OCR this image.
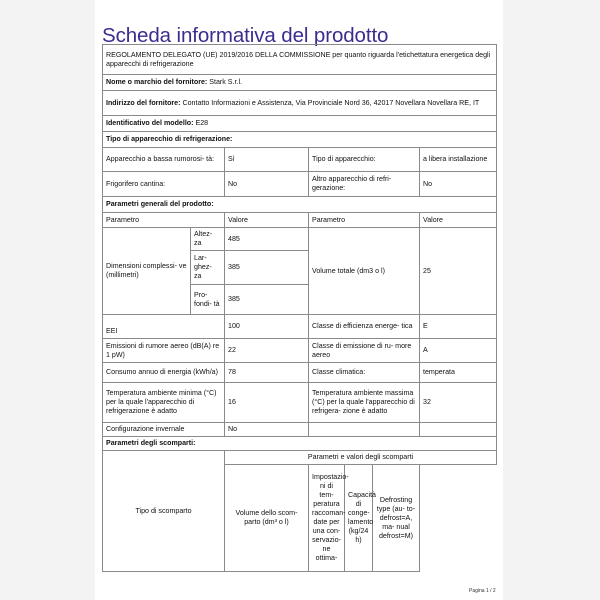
Scheda informativa del prodotto
REGOLAMENTO DELEGATO (UE) 2019/2016 DELLA COMMISSIONE per quanto riguarda l'etichettatura energetica degli apparecchi di refrigerazione						
Nome o marchio del fornitore: Stark S.r.l.						
Indirizzo del fornitore: Contatto Informazioni e Assistenza, Via Provinciale Nord 36, 42017 Novellara Novellara RE, IT						
Identificativo del modello: E28						
Tipo di apparecchio di refrigerazione:						
Apparecchio a bassa rumorosi- tà:		Sì	Tipo di apparecchio:			a libera installazione
Frigorifero cantina:		No	Altro apparecchio di refri- gerazione:			No
Parametri generali del prodotto:						
Parametro		Valore	Parametro			Valore
Dimensioni complessi- ve (millimetri)	Altez- za	485	Volume totale (dm3 o l)			25
	Lar- ghez- za	385				
	Pro- fondi- tà	385				
EEI		100	Classe di efficienza energe- tica			E
Emissioni di rumore aereo (dB(A) re 1 pW)		22	Classe di emissione di ru- more aereo			A
Consumo annuo di energia (kWh/a)		78	Classe climatica:			temperata
Temperatura ambiente minima (°C) per la quale l'apparecchio di refrigerazione è adatto		16	Temperatura ambiente massima (°C) per la quale l'apparecchio di refrigera- zione è adatto			32
Configurazione invernale		No				
Parametri degli scomparti:						
Tipo di scomparto		Parametri e valori degli scomparti				
		Volume dello scom- parto (dm³ o l)	Impostazio- ni di tem- peratura raccoman- date per una con- servazio- ne ottima-	Capacità di conge- lamento (kg/24 h)	Defrosting type (au- to-defrost=A, ma- nual defrost=M)	
Pagina 1 / 2
